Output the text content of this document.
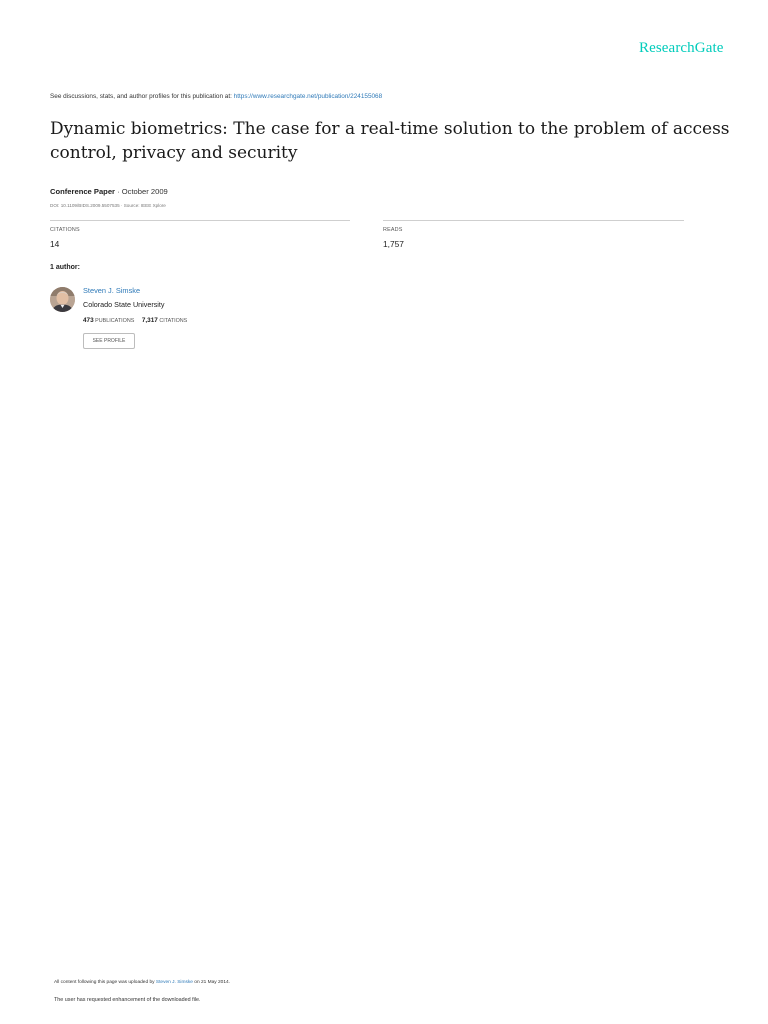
ResearchGate
See discussions, stats, and author profiles for this publication at: https://www.researchgate.net/publication/224155068
Dynamic biometrics: The case for a real-time solution to the problem of access control, privacy and security
Conference Paper · October 2009
DOI: 10.1109/BIDS.2009.5507535 · Source: IEEE Xplore
CITATIONS
14
READS
1,757
1 author:
Steven J. Simske
Colorado State University
473 PUBLICATIONS 7,317 CITATIONS
SEE PROFILE
All content following this page was uploaded by Steven J. Simske on 21 May 2014.
The user has requested enhancement of the downloaded file.
